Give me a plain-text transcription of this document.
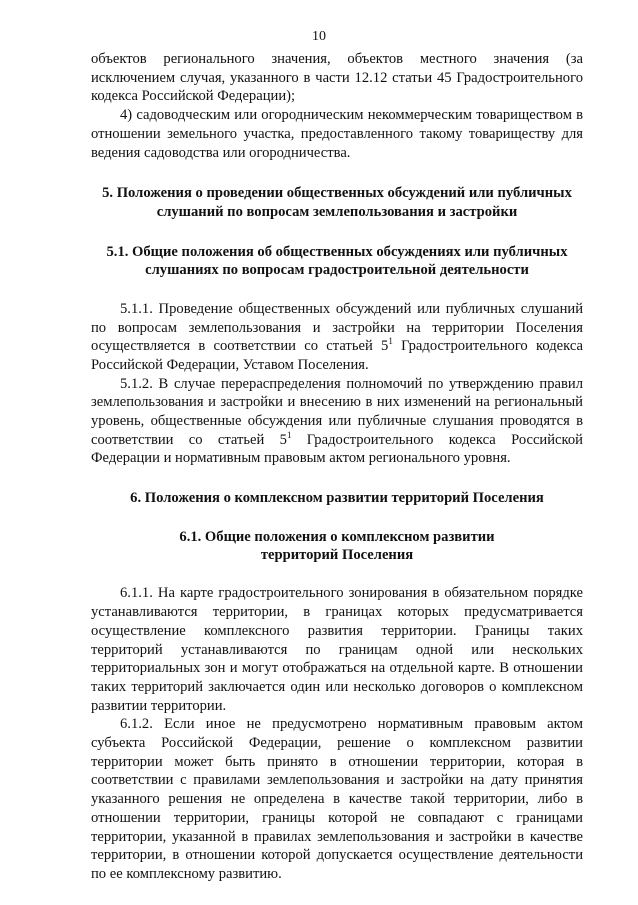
10

объектов регионального значения, объектов местного значения (за исключением случая, указанного в части 12.12 статьи 45 Градостроительного кодекса Российской Федерации);

4) садоводческим или огородническим некоммерческим товариществом в отношении земельного участка, предоставленного такому товариществу для ведения садоводства или огородничества.

5. Положения о проведении общественных обсуждений или публичных слушаний по вопросам землепользования и застройки
5.1. Общие положения об общественных обсуждениях или публичных слушаниях по вопросам градостроительной деятельности

5.1.1. Проведение общественных обсуждений или публичных слушаний по вопросам землепользования и застройки на территории Поселения осуществляется в соответствии со статьей $5^1$ Градостроительного кодекса Российской Федерации, Уставом Поселения.

5.1.2. В случае перераспределения полномочий по утверждению правил землепользования и застройки и внесению в них изменений на региональный уровень, общественные обсуждения или публичные слушания проводятся в соответствии со статьей $5^1$ Градостроительного кодекса Российской Федерации и нормативным правовым актом регионального уровня.

6. Положения о комплексном развитии территорий Поселения
6.1. Общие положения о комплексном развитии
территорий Поселения

6.1.1. На карте градостроительного зонирования в обязательном порядке устанавливаются территории, в границах которых предусматривается осуществление комплексного развития территории. Границы таких территорий устанавливаются по границам одной или нескольких территориальных зон и могут отображаться на отдельной карте. В отношении таких территорий заключается один или несколько договоров о комплексном развитии территории.

6.1.2. Если иное не предусмотрено нормативным правовым актом субъекта Российской Федерации, решение о комплексном развитии территории может быть принято в отношении территории, которая в соответствии с правилами землепользования и застройки на дату принятия указанного решения не определена в качестве такой территории, либо в отношении территории, границы которой не совпадают с границами территории, указанной в правилах землепользования и застройки в качестве территории, в отношении которой допускается осуществление деятельности по ее комплексному развитию.
